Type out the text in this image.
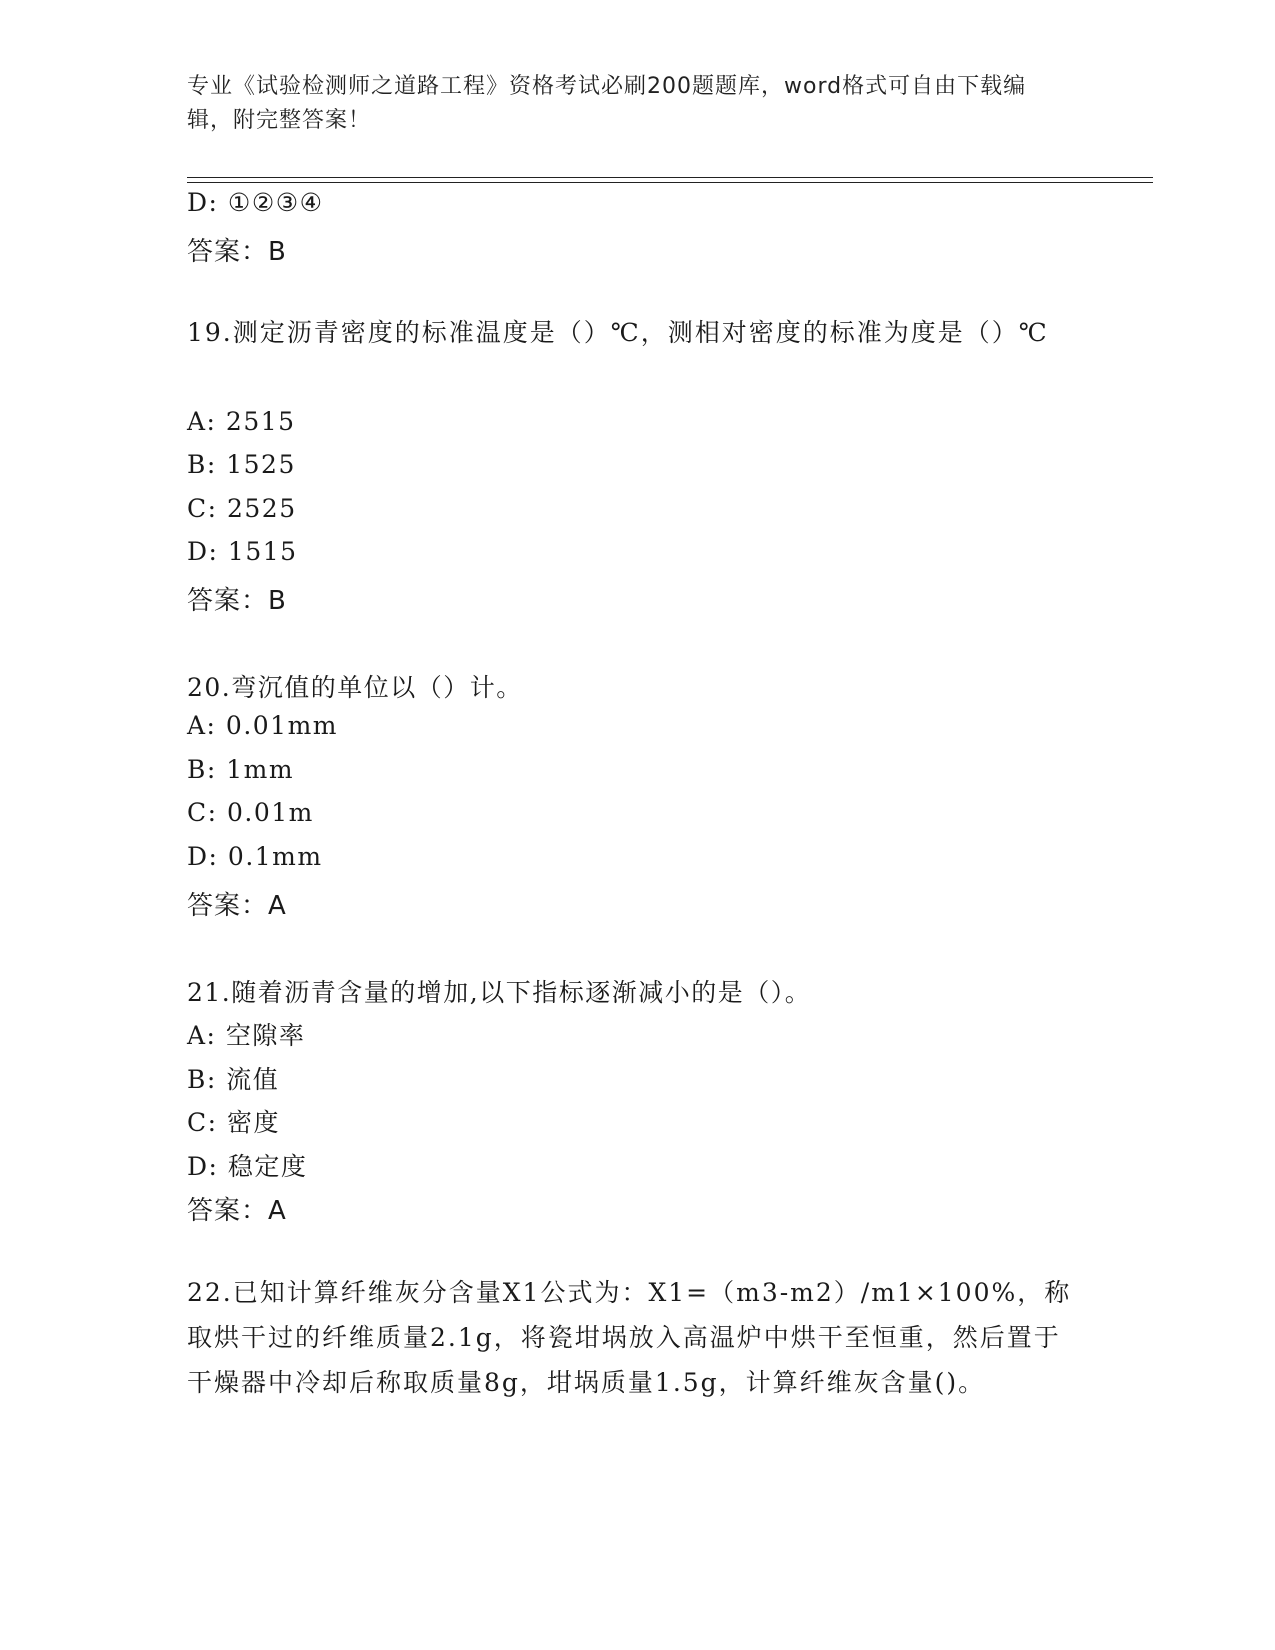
专业《试验检测师之道路工程》资格考试必刷200题题库，word格式可自由下载编辑，附完整答案！
D: ①②③④
答案：B
19.测定沥青密度的标准温度是（）℃，测相对密度的标准为度是（）℃
A: 2515
B: 1525
C: 2525
D: 1515
答案：B
20.弯沉值的单位以（）计。
A: 0.01mm
B: 1mm
C: 0.01m
D: 0.1mm
答案：A
21.随着沥青含量的增加,以下指标逐渐减小的是（）。
A: 空隙率
B: 流值
C: 密度
D: 稳定度
答案：A
22.已知计算纤维灰分含量X1公式为：X1=（m3-m2）/m1×100%，称取烘干过的纤维质量2.1g，将瓷坩埚放入高温炉中烘干至恒重，然后置于干燥器中冷却后称取质量8g，坩埚质量1.5g，计算纤维灰含量()。
